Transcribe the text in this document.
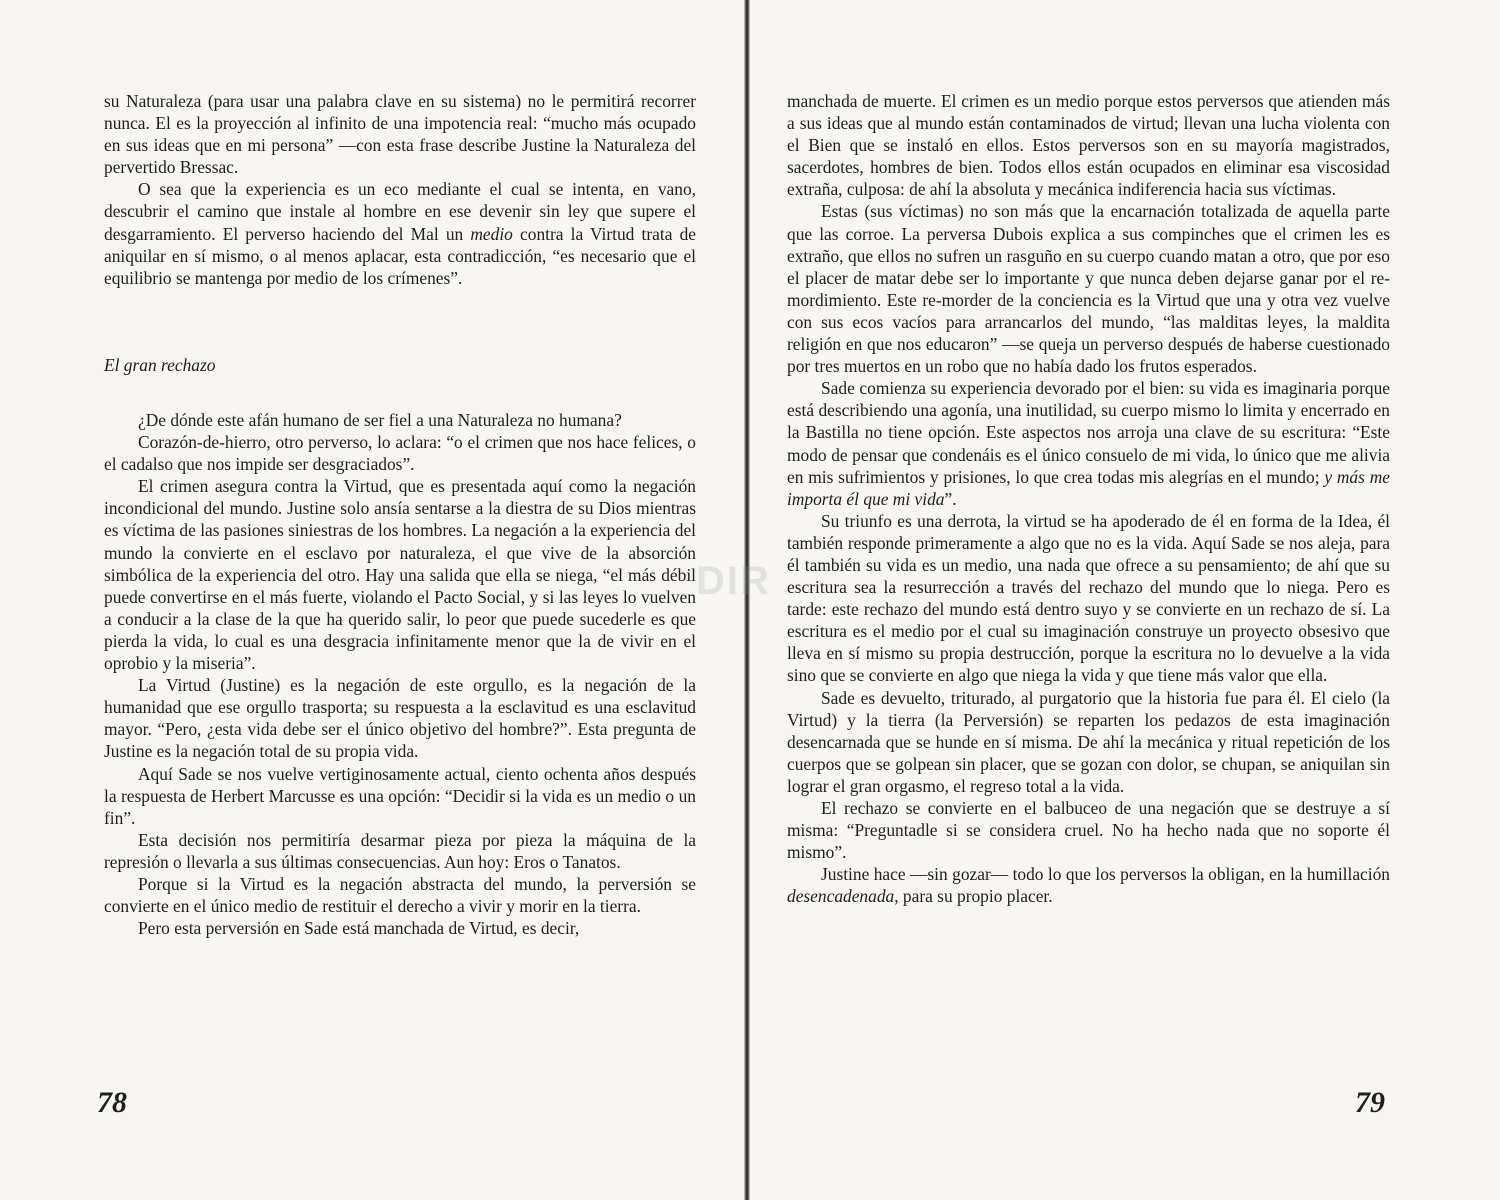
su Naturaleza (para usar una palabra clave en su sistema) no le permitirá recorrer nunca. El es la proyección al infinito de una impotencia real: “mucho más ocupado en sus ideas que en mi persona” —con esta frase describe Justine la Naturaleza del pervertido Bressac.

O sea que la experiencia es un eco mediante el cual se intenta, en vano, descubrir el camino que instale al hombre en ese devenir sin ley que supere el desgarramiento. El perverso haciendo del Mal un medio contra la Virtud trata de aniquilar en sí mismo, o al menos aplacar, esta contradicción, “es necesario que el equilibrio se mantenga por medio de los crímenes”.

El gran rechazo

¿De dónde este afán humano de ser fiel a una Naturaleza no humana?

Corazón-de-hierro, otro perverso, lo aclara: “o el crimen que nos hace felices, o el cadalso que nos impide ser desgraciados”.

El crimen asegura contra la Virtud, que es presentada aquí como la negación incondicional del mundo. Justine solo ansía sentarse a la diestra de su Dios mientras es víctima de las pasiones siniestras de los hombres. La negación a la experiencia del mundo la convierte en el esclavo por naturaleza, el que vive de la absorción simbólica de la experiencia del otro. Hay una salida que ella se niega, “el más débil puede convertirse en el más fuerte, violando el Pacto Social, y si las leyes lo vuelven a conducir a la clase de la que ha querido salir, lo peor que puede sucederle es que pierda la vida, lo cual es una desgracia infinitamente menor que la de vivir en el oprobio y la miseria”.

La Virtud (Justine) es la negación de este orgullo, es la negación de la humanidad que ese orgullo trasporta; su respuesta a la esclavitud es una esclavitud mayor. “Pero, ¿esta vida debe ser el único objetivo del hombre?”. Esta pregunta de Justine es la negación total de su propia vida.

Aquí Sade se nos vuelve vertiginosamente actual, ciento ochenta años después la respuesta de Herbert Marcusse es una opción: “Decidir si la vida es un medio o un fin”.

Esta decisión nos permitiría desarmar pieza por pieza la máquina de la represión o llevarla a sus últimas consecuencias. Aun hoy: Eros o Tanatos.

Porque si la Virtud es la negación abstracta del mundo, la perversión se convierte en el único medio de restituir el derecho a vivir y morir en la tierra.

Pero esta perversión en Sade está manchada de Virtud, es decir,

78

manchada de muerte. El crimen es un medio porque estos perversos que atienden más a sus ideas que al mundo están contaminados de virtud; llevan una lucha violenta con el Bien que se instaló en ellos. Estos perversos son en su mayoría magistrados, sacerdotes, hombres de bien. Todos ellos están ocupados en eliminar esa viscosidad extraña, culposa: de ahí la absoluta y mecánica indiferencia hacia sus víctimas.

Estas (sus víctimas) no son más que la encarnación totalizada de aquella parte que las corroe. La perversa Dubois explica a sus compinches que el crimen les es extraño, que ellos no sufren un rasguño en su cuerpo cuando matan a otro, que por eso el placer de matar debe ser lo importante y que nunca deben dejarse ganar por el re-mordimiento. Este re-morder de la conciencia es la Virtud que una y otra vez vuelve con sus ecos vacíos para arrancarlos del mundo, “las malditas leyes, la maldita religión en que nos educaron” —se queja un perverso después de haberse cuestionado por tres muertos en un robo que no había dado los frutos esperados.

Sade comienza su experiencia devorado por el bien: su vida es imaginaria porque está describiendo una agonía, una inutilidad, su cuerpo mismo lo limita y encerrado en la Bastilla no tiene opción. Este aspectos nos arroja una clave de su escritura: “Este modo de pensar que condenáis es el único consuelo de mi vida, lo único que me alivia en mis sufrimientos y prisiones, lo que crea todas mis alegrías en el mundo; y más me importa él que mi vida”.

Su triunfo es una derrota, la virtud se ha apoderado de él en forma de la Idea, él también responde primeramente a algo que no es la vida. Aquí Sade se nos aleja, para él también su vida es un medio, una nada que ofrece a su pensamiento; de ahí que su escritura sea la resurrección a través del rechazo del mundo que lo niega. Pero es tarde: este rechazo del mundo está dentro suyo y se convierte en un rechazo de sí. La escritura es el medio por el cual su imaginación construye un proyecto obsesivo que lleva en sí mismo su propia destrucción, porque la escritura no lo devuelve a la vida sino que se convierte en algo que niega la vida y que tiene más valor que ella.

Sade es devuelto, triturado, al purgatorio que la historia fue para él. El cielo (la Virtud) y la tierra (la Perversión) se reparten los pedazos de esta imaginación desencarnada que se hunde en sí misma. De ahí la mecánica y ritual repetición de los cuerpos que se golpean sin placer, que se gozan con dolor, se chupan, se aniquilan sin lograr el gran orgasmo, el regreso total a la vida.

El rechazo se convierte en el balbuceo de una negación que se destruye a sí misma: “Preguntadle si se considera cruel. No ha hecho nada que no soporte él mismo”.

Justine hace —sin gozar— todo lo que los perversos la obligan, en la humillación desencadenada, para su propio placer.

79

DIR
